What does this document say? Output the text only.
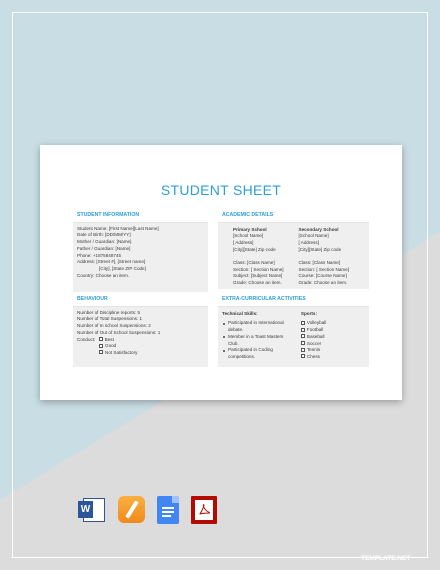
STUDENT SHEET
STUDENT INFORMATION
Student Name: [First Name][Last Name]
Date of Birth: [DD/MM/YY]
Mother / Guardian: [Name]
Father / Guardian: [Name]
Phone: +1875848745
Address: [Street #], [Street name]
[City], [State ZIP Code]
Country: Choose an item.
BEHAVIOUR
Number of Discipline reports: 5
Number of Total Suspensions: 1
Number of In school Suspensions: 2
Number of Out of School Suspensions: 1
Conduct: Best
Good
Not Satisfactory
ACADEMIC DETAILS
Primary School
[School Name]
[ Address]
[City][State] Zip code
Class: [Class Name]
Section: [ Section Name]
Subject: [Subject Name]
Grade: Choose an item.
Secondary School
[School Name]
[ Address]
[City][State] Zip code
Class: [Class Name]
Section: [ Section Name]
Course: [Course Name]
Grade: Choose an item.
EXTRA-CURRICULAR ACTIVITIES
Technical Skills:
Participated in International debate.
Member in a Toast Masters Club.
Participated in Coding competitions.
Sports:
Volleyball
Football
Baseball
Soccer
Tennis
Chess
W
TEMPLATE.NET
